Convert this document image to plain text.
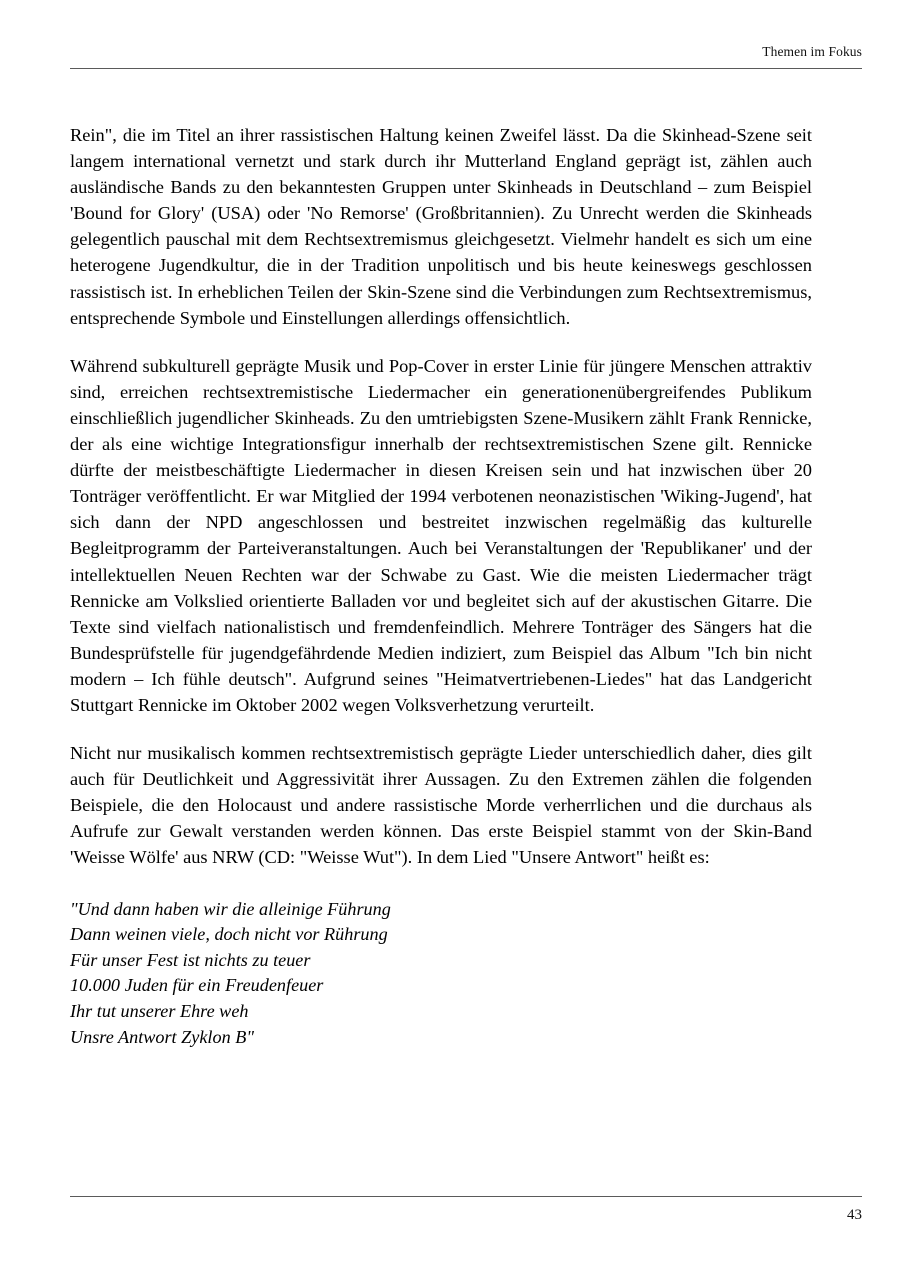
Themen im Fokus

Rein", die im Titel an ihrer rassistischen Haltung keinen Zweifel lässt. Da die Skinhead-Szene seit langem international vernetzt und stark durch ihr Mutterland England geprägt ist, zählen auch ausländische Bands zu den bekanntesten Gruppen unter Skinheads in Deutschland – zum Beispiel 'Bound for Glory' (USA) oder 'No Remorse' (Großbritannien). Zu Unrecht werden die Skinheads gelegentlich pauschal mit dem Rechtsextremismus gleichgesetzt. Vielmehr handelt es sich um eine heterogene Jugendkultur, die in der Tradition unpolitisch und bis heute keineswegs geschlossen rassistisch ist. In erheblichen Teilen der Skin-Szene sind die Verbindungen zum Rechtsextremismus, entsprechende Symbole und Einstellungen allerdings offensichtlich.

Während subkulturell geprägte Musik und Pop-Cover in erster Linie für jüngere Menschen attraktiv sind, erreichen rechtsextremistische Liedermacher ein generationenübergreifendes Publikum einschließlich jugendlicher Skinheads. Zu den umtriebigsten Szene-Musikern zählt Frank Rennicke, der als eine wichtige Integrationsfigur innerhalb der rechtsextremistischen Szene gilt. Rennicke dürfte der meistbeschäftigte Liedermacher in diesen Kreisen sein und hat inzwischen über 20 Tonträger veröffentlicht. Er war Mitglied der 1994 verbotenen neonazistischen 'Wiking-Jugend', hat sich dann der NPD angeschlossen und bestreitet inzwischen regelmäßig das kulturelle Begleitprogramm der Parteiveranstaltungen. Auch bei Veranstaltungen der 'Republikaner' und der intellektuellen Neuen Rechten war der Schwabe zu Gast. Wie die meisten Liedermacher trägt Rennicke am Volkslied orientierte Balladen vor und begleitet sich auf der akustischen Gitarre. Die Texte sind vielfach nationalistisch und fremdenfeindlich. Mehrere Tonträger des Sängers hat die Bundesprüfstelle für jugendgefährdende Medien indiziert, zum Beispiel das Album "Ich bin nicht modern – Ich fühle deutsch". Aufgrund seines "Heimatvertriebenen-Liedes" hat das Landgericht Stuttgart Rennicke im Oktober 2002 wegen Volksverhetzung verurteilt.

Nicht nur musikalisch kommen rechtsextremistisch geprägte Lieder unterschiedlich daher, dies gilt auch für Deutlichkeit und Aggressivität ihrer Aussagen. Zu den Extremen zählen die folgenden Beispiele, die den Holocaust und andere rassistische Morde verherrlichen und die durchaus als Aufrufe zur Gewalt verstanden werden können. Das erste Beispiel stammt von der Skin-Band 'Weisse Wölfe' aus NRW (CD: "Weisse Wut"). In dem Lied "Unsere Antwort" heißt es:

"Und dann haben wir die alleinige Führung
Dann weinen viele, doch nicht vor Rührung
Für unser Fest ist nichts zu teuer
10.000 Juden für ein Freudenfeuer
Ihr tut unserer Ehre weh
Unsre Antwort Zyklon B"
43
